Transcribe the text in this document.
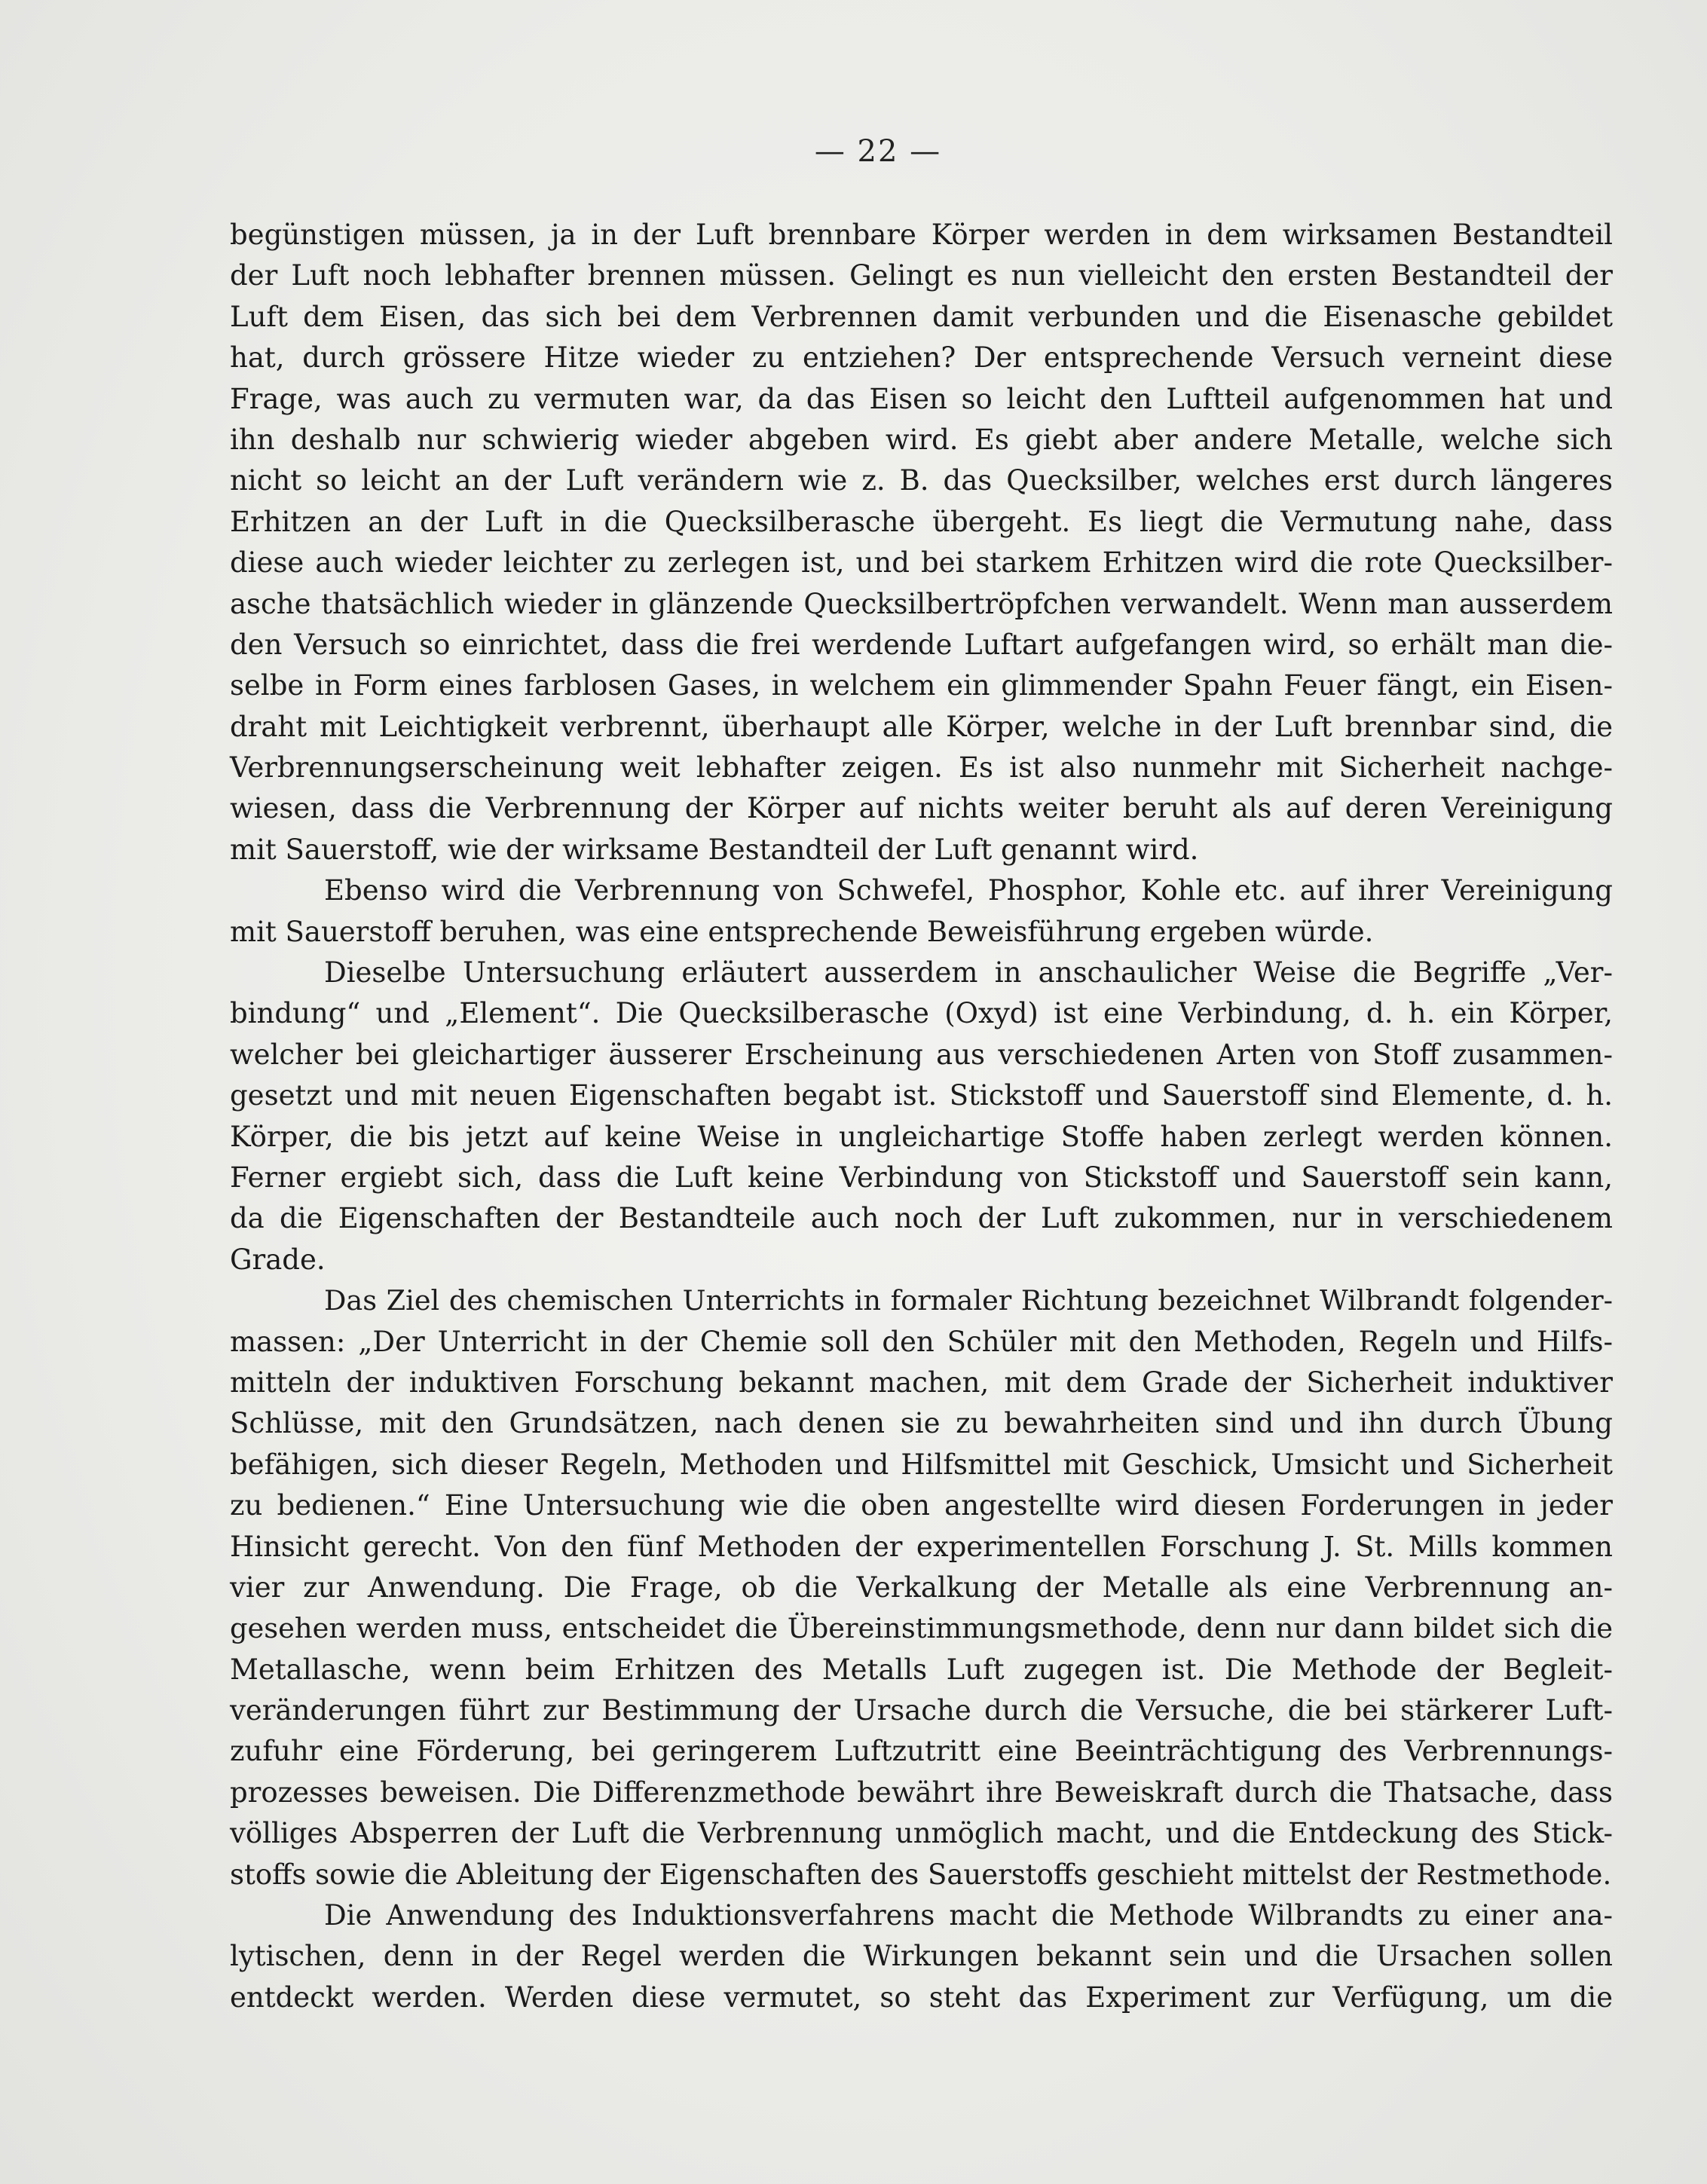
— 22 —
begünstigen müssen, ja in der Luft brennbare Körper werden in dem wirksamen Bestandteil
der Luft noch lebhafter brennen müssen. Gelingt es nun vielleicht den ersten Bestandteil der
Luft dem Eisen, das sich bei dem Verbrennen damit verbunden und die Eisenasche gebildet
hat, durch grössere Hitze wieder zu entziehen? Der entsprechende Versuch verneint diese
Frage, was auch zu vermuten war, da das Eisen so leicht den Luftteil aufgenommen hat und
ihn deshalb nur schwierig wieder abgeben wird. Es giebt aber andere Metalle, welche sich
nicht so leicht an der Luft verändern wie z. B. das Quecksilber, welches erst durch längeres
Erhitzen an der Luft in die Quecksilberasche übergeht. Es liegt die Vermutung nahe, dass
diese auch wieder leichter zu zerlegen ist, und bei starkem Erhitzen wird die rote Quecksilber-
asche thatsächlich wieder in glänzende Quecksilbertröpfchen verwandelt. Wenn man ausserdem
den Versuch so einrichtet, dass die frei werdende Luftart aufgefangen wird, so erhält man die-
selbe in Form eines farblosen Gases, in welchem ein glimmender Spahn Feuer fängt, ein Eisen-
draht mit Leichtigkeit verbrennt, überhaupt alle Körper, welche in der Luft brennbar sind, die
Verbrennungserscheinung weit lebhafter zeigen. Es ist also nunmehr mit Sicherheit nachge-
wiesen, dass die Verbrennung der Körper auf nichts weiter beruht als auf deren Vereinigung
mit Sauerstoff, wie der wirksame Bestandteil der Luft genannt wird.
Ebenso wird die Verbrennung von Schwefel, Phosphor, Kohle etc. auf ihrer Vereinigung
mit Sauerstoff beruhen, was eine entsprechende Beweisführung ergeben würde.
Dieselbe Untersuchung erläutert ausserdem in anschaulicher Weise die Begriffe „Ver-
bindung“ und „Element“. Die Quecksilberasche (Oxyd) ist eine Verbindung, d. h. ein Körper,
welcher bei gleichartiger äusserer Erscheinung aus verschiedenen Arten von Stoff zusammen-
gesetzt und mit neuen Eigenschaften begabt ist. Stickstoff und Sauerstoff sind Elemente, d. h.
Körper, die bis jetzt auf keine Weise in ungleichartige Stoffe haben zerlegt werden können.
Ferner ergiebt sich, dass die Luft keine Verbindung von Stickstoff und Sauerstoff sein kann,
da die Eigenschaften der Bestandteile auch noch der Luft zukommen, nur in verschiedenem
Grade.
Das Ziel des chemischen Unterrichts in formaler Richtung bezeichnet Wilbrandt folgender-
massen: „Der Unterricht in der Chemie soll den Schüler mit den Methoden, Regeln und Hilfs-
mitteln der induktiven Forschung bekannt machen, mit dem Grade der Sicherheit induktiver
Schlüsse, mit den Grundsätzen, nach denen sie zu bewahrheiten sind und ihn durch Übung
befähigen, sich dieser Regeln, Methoden und Hilfsmittel mit Geschick, Umsicht und Sicherheit
zu bedienen.“ Eine Untersuchung wie die oben angestellte wird diesen Forderungen in jeder
Hinsicht gerecht. Von den fünf Methoden der experimentellen Forschung J. St. Mills kommen
vier zur Anwendung. Die Frage, ob die Verkalkung der Metalle als eine Verbrennung an-
gesehen werden muss, entscheidet die Übereinstimmungsmethode, denn nur dann bildet sich die
Metallasche, wenn beim Erhitzen des Metalls Luft zugegen ist. Die Methode der Begleit-
veränderungen führt zur Bestimmung der Ursache durch die Versuche, die bei stärkerer Luft-
zufuhr eine Förderung, bei geringerem Luftzutritt eine Beeinträchtigung des Verbrennungs-
prozesses beweisen. Die Differenzmethode bewährt ihre Beweiskraft durch die Thatsache, dass
völliges Absperren der Luft die Verbrennung unmöglich macht, und die Entdeckung des Stick-
stoffs sowie die Ableitung der Eigenschaften des Sauerstoffs geschieht mittelst der Restmethode.
Die Anwendung des Induktionsverfahrens macht die Methode Wilbrandts zu einer ana-
lytischen, denn in der Regel werden die Wirkungen bekannt sein und die Ursachen sollen
entdeckt werden. Werden diese vermutet, so steht das Experiment zur Verfügung, um die
